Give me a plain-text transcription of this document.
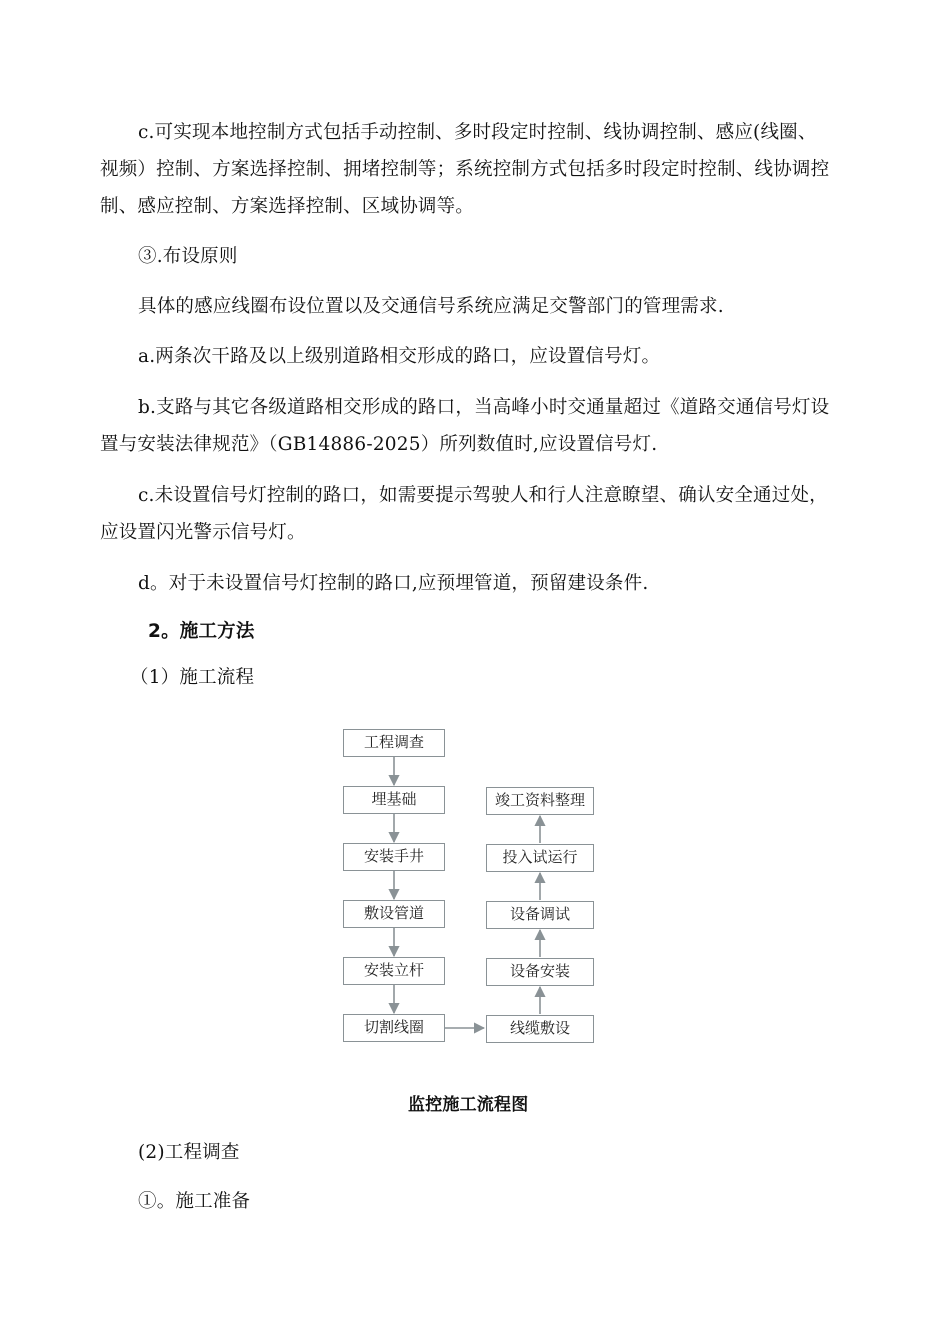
c.可实现本地控制方式包括手动控制、多时段定时控制、线协调控制、感应(线圈、
视频）控制、方案选择控制、拥堵控制等；系统控制方式包括多时段定时控制、线协调控
制、感应控制、方案选择控制、区域协调等。
③.布设原则
具体的感应线圈布设位置以及交通信号系统应满足交警部门的管理需求.
a.两条次干路及以上级别道路相交形成的路口，应设置信号灯。
b.支路与其它各级道路相交形成的路口，当高峰小时交通量超过《道路交通信号灯设
置与安装法律规范》（GB14886-2025）所列数值时,应设置信号灯.
c.未设置信号灯控制的路口，如需要提示驾驶人和行人注意瞭望、确认安全通过处，
应设置闪光警示信号灯。
d。对于未设置信号灯控制的路口,应预埋管道，预留建设条件.
2。施工方法
（1）施工流程
工程调查
埋基础
安装手井
敷设管道
安装立杆
切割线圈
竣工资料整理
投入试运行
设备调试
设备安装
线缆敷设
监控施工流程图
(2)工程调查
①。施工准备
